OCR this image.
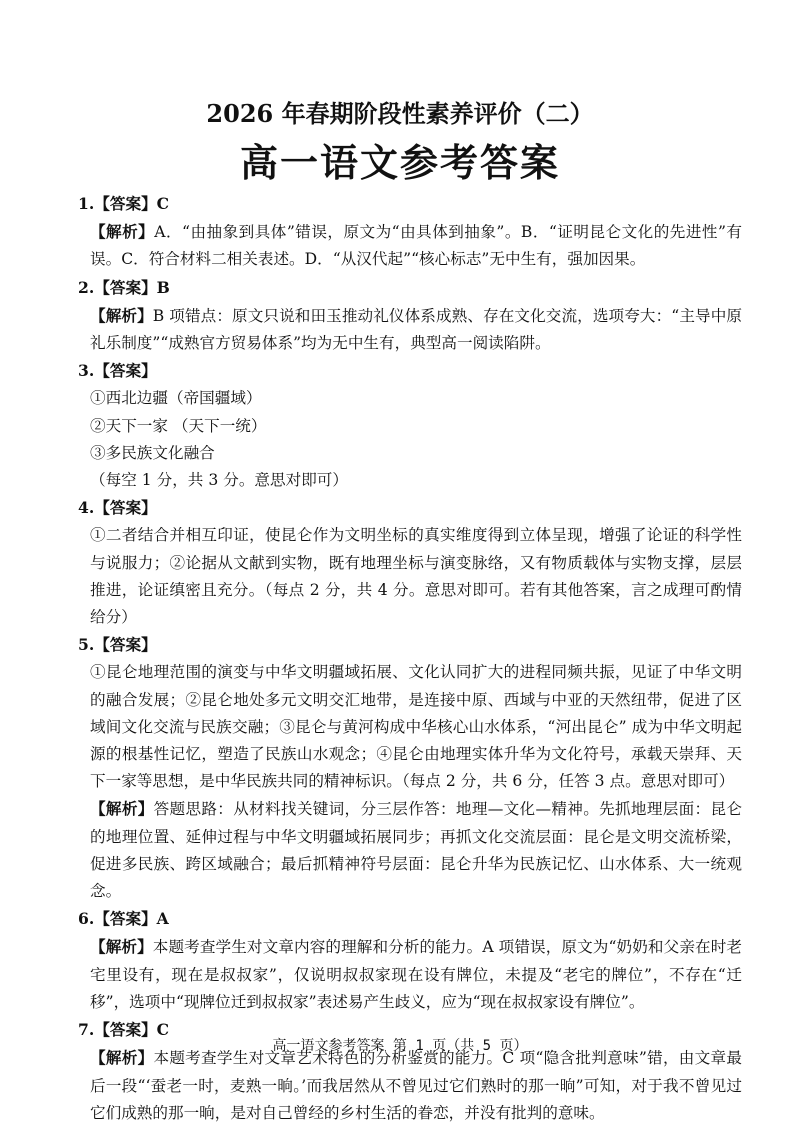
2026 年春期阶段性素养评价（二）
高一语文参考答案
1.【答案】C

【解析】A．“由抽象到具体”错误，原文为“由具体到抽象”。B．“证明昆仑文化的先进性”有误。C．符合材料二相关表述。D．“从汉代起”“核心标志”无中生有，强加因果。

2.【答案】B

【解析】B 项错点：原文只说和田玉推动礼仪体系成熟、存在文化交流，选项夸大：“主导中原礼乐制度”“成熟官方贸易体系”均为无中生有，典型高一阅读陷阱。

3.【答案】

①西北边疆（帝国疆域）

②天下一家 （天下一统）

③多民族文化融合

（每空 1 分，共 3 分。意思对即可）

4.【答案】

①二者结合并相互印证，使昆仑作为文明坐标的真实维度得到立体呈现，增强了论证的科学性与说服力；②论据从文献到实物，既有地理坐标与演变脉络，又有物质载体与实物支撑，层层推进，论证缜密且充分。（每点 2 分，共 4 分。意思对即可。若有其他答案，言之成理可酌情给分）

5.【答案】

①昆仑地理范围的演变与中华文明疆域拓展、文化认同扩大的进程同频共振，见证了中华文明的融合发展；②昆仑地处多元文明交汇地带，是连接中原、西域与中亚的天然纽带，促进了区域间文化交流与民族交融；③昆仑与黄河构成中华核心山水体系，“河出昆仑” 成为中华文明起源的根基性记忆，塑造了民族山水观念；④昆仑由地理实体升华为文化符号，承载天崇拜、天下一家等思想，是中华民族共同的精神标识。（每点 2 分，共 6 分，任答 3 点。意思对即可）

【解析】答题思路：从材料找关键词，分三层作答：地理—文化—精神。先抓地理层面：昆仑的地理位置、延伸过程与中华文明疆域拓展同步；再抓文化交流层面：昆仑是文明交流桥梁，促进多民族、跨区域融合；最后抓精神符号层面：昆仑升华为民族记忆、山水体系、大一统观念。

6.【答案】A

【解析】本题考查学生对文章内容的理解和分析的能力。A 项错误，原文为“奶奶和父亲在时老宅里设有，现在是叔叔家”，仅说明叔叔家现在设有牌位，未提及“老宅的牌位”，不存在“迁移”，选项中“现牌位迁到叔叔家”表述易产生歧义，应为“现在叔叔家设有牌位”。

7.【答案】C

【解析】本题考查学生对文章艺术特色的分析鉴赏的能力。C 项“隐含批判意味”错，由文章最后一段“‘蚕老一时，麦熟一晌。’而我居然从不曾见过它们熟时的那一晌”可知，对于我不曾见过它们成熟的那一晌，是对自己曾经的乡村生活的眷恋，并没有批判的意味。

高一语文参考答案 第 1 页（共 5 页）
